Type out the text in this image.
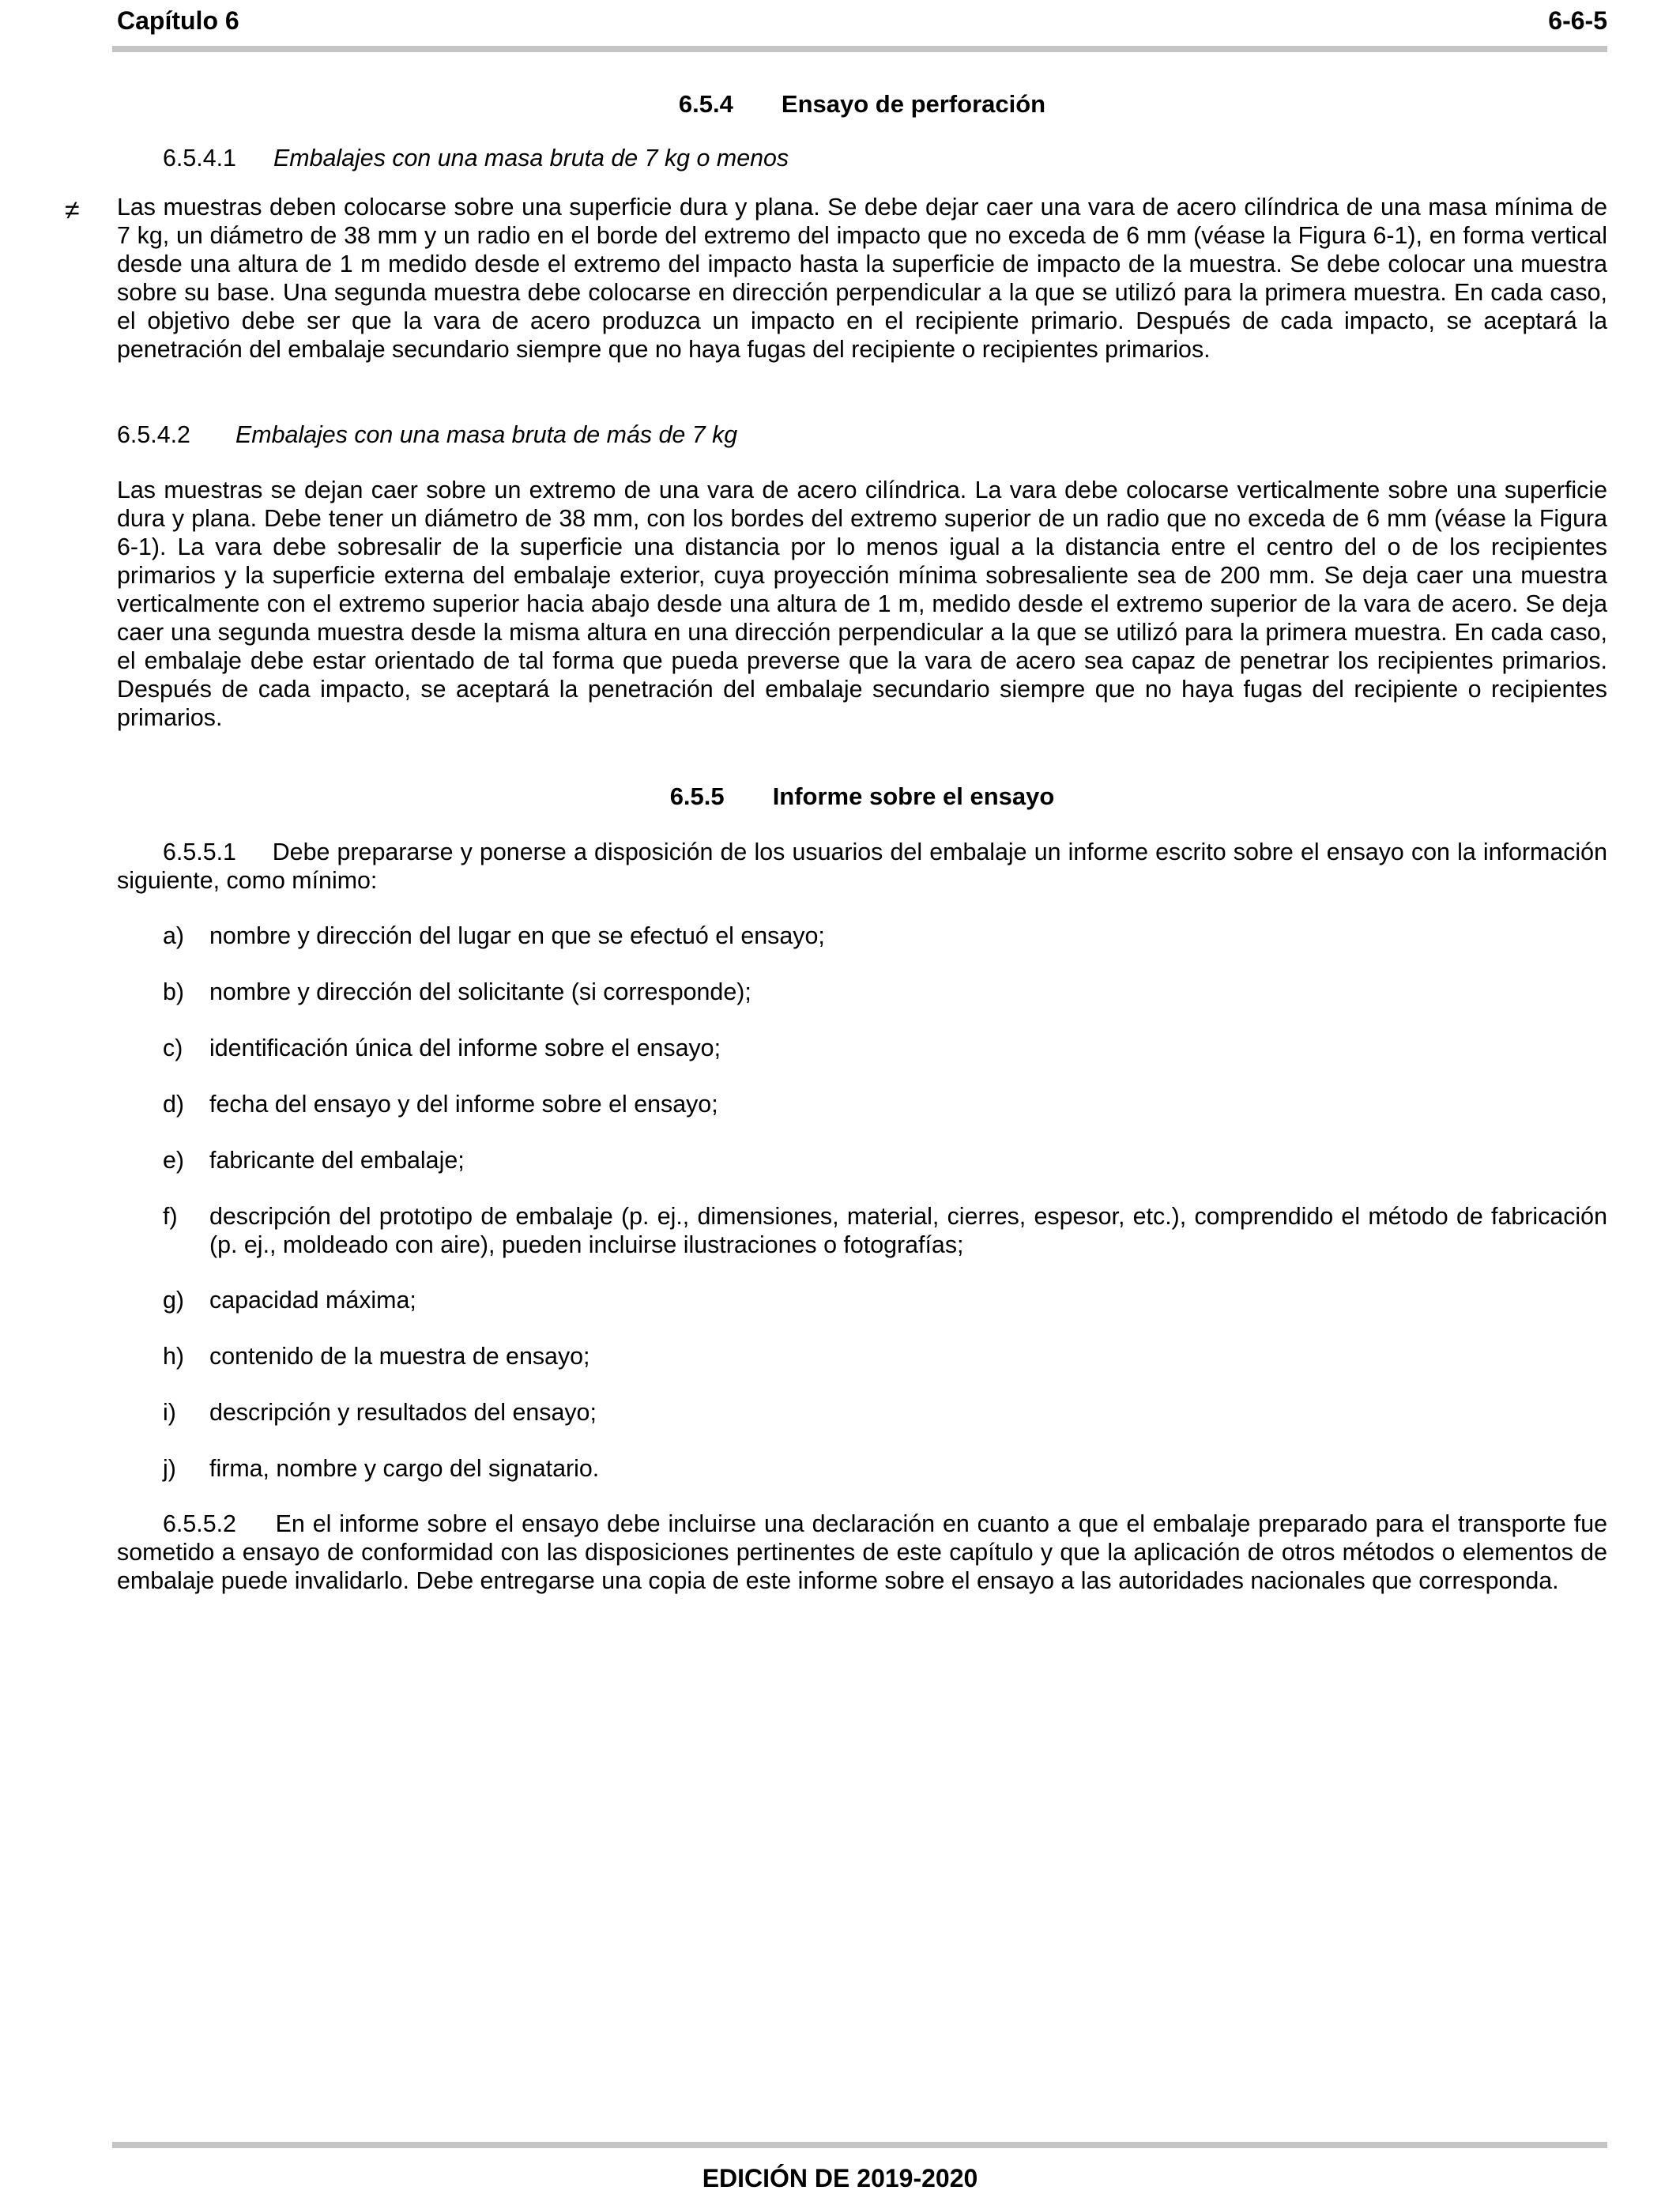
Capítulo 6	6-6-5
≠
6.5.4 Ensayo de perforación
6.5.4.1 Embalajes con una masa bruta de 7 kg o menos

Las muestras deben colocarse sobre una superficie dura y plana. Se debe dejar caer una vara de acero cilíndrica de una masa mínima de 7 kg, un diámetro de 38 mm y un radio en el borde del extremo del impacto que no exceda de 6 mm (véase la Figura 6-1), en forma vertical desde una altura de 1 m medido desde el extremo del impacto hasta la superficie de impacto de la muestra. Se debe colocar una muestra sobre su base. Una segunda muestra debe colocarse en dirección perpendicular a la que se utilizó para la primera muestra. En cada caso, el objetivo debe ser que la vara de acero produzca un impacto en el recipiente primario. Después de cada impacto, se aceptará la penetración del embalaje secundario siempre que no haya fugas del recipiente o recipientes primarios.

6.5.4.2 Embalajes con una masa bruta de más de 7 kg

Las muestras se dejan caer sobre un extremo de una vara de acero cilíndrica. La vara debe colocarse verticalmente sobre una superficie dura y plana. Debe tener un diámetro de 38 mm, con los bordes del extremo superior de un radio que no exceda de 6 mm (véase la Figura 6-1). La vara debe sobresalir de la superficie una distancia por lo menos igual a la distancia entre el centro del o de los recipientes primarios y la superficie externa del embalaje exterior, cuya proyección mínima sobresaliente sea de 200 mm. Se deja caer una muestra verticalmente con el extremo superior hacia abajo desde una altura de 1 m, medido desde el extremo superior de la vara de acero. Se deja caer una segunda muestra desde la misma altura en una dirección perpendicular a la que se utilizó para la primera muestra. En cada caso, el embalaje debe estar orientado de tal forma que pueda preverse que la vara de acero sea capaz de penetrar los recipientes primarios. Después de cada impacto, se aceptará la penetración del embalaje secundario siempre que no haya fugas del recipiente o recipientes primarios.

6.5.5 Informe sobre el ensayo

6.5.5.1 Debe prepararse y ponerse a disposición de los usuarios del embalaje un informe escrito sobre el ensayo con la información siguiente, como mínimo:

a) nombre y dirección del lugar en que se efectuó el ensayo;
b) nombre y dirección del solicitante (si corresponde);
c) identificación única del informe sobre el ensayo;
d) fecha del ensayo y del informe sobre el ensayo;
e) fabricante del embalaje;
f) descripción del prototipo de embalaje (p. ej., dimensiones, material, cierres, espesor, etc.), comprendido el método de fabricación (p. ej., moldeado con aire), pueden incluirse ilustraciones o fotografías;
g) capacidad máxima;
h) contenido de la muestra de ensayo;
i) descripción y resultados del ensayo;
j) firma, nombre y cargo del signatario.

6.5.5.2 En el informe sobre el ensayo debe incluirse una declaración en cuanto a que el embalaje preparado para el transporte fue sometido a ensayo de conformidad con las disposiciones pertinentes de este capítulo y que la aplicación de otros métodos o elementos de embalaje puede invalidarlo. Debe entregarse una copia de este informe sobre el ensayo a las autoridades nacionales que corresponda.

EDICIÓN DE 2019-2020
